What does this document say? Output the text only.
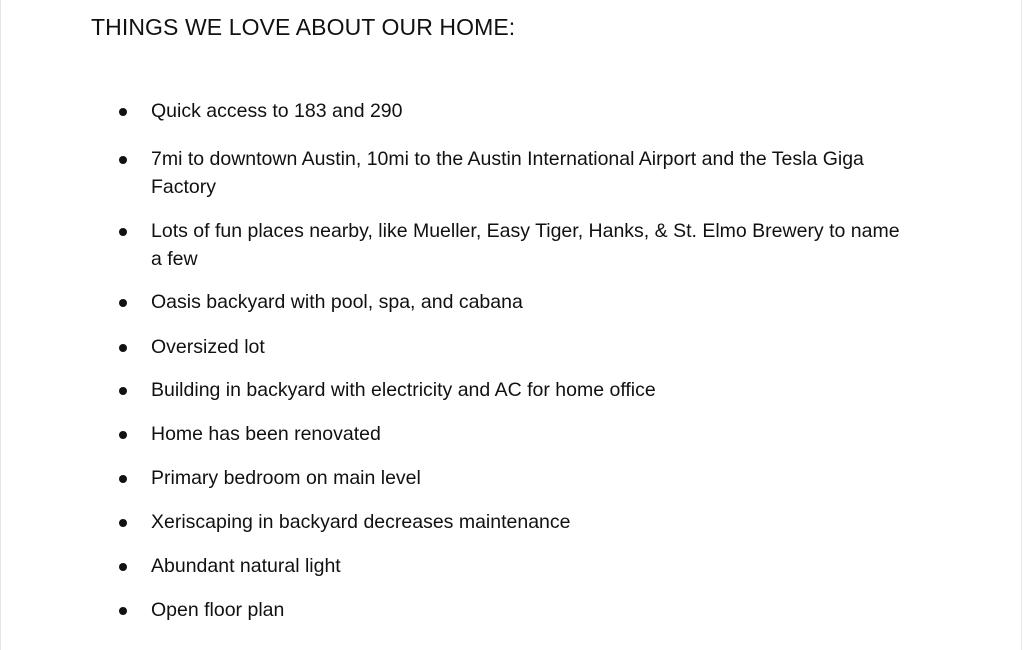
THINGS WE LOVE ABOUT OUR HOME:
Quick access to 183 and 290
7mi to downtown Austin, 10mi to the Austin International Airport and the Tesla Giga Factory
Lots of fun places nearby, like Mueller, Easy Tiger, Hanks, & St. Elmo Brewery to name a few
Oasis backyard with pool, spa, and cabana
Oversized lot
Building in backyard with electricity and AC for home office
Home has been renovated
Primary bedroom on main level
Xeriscaping in backyard decreases maintenance
Abundant natural light
Open floor plan
